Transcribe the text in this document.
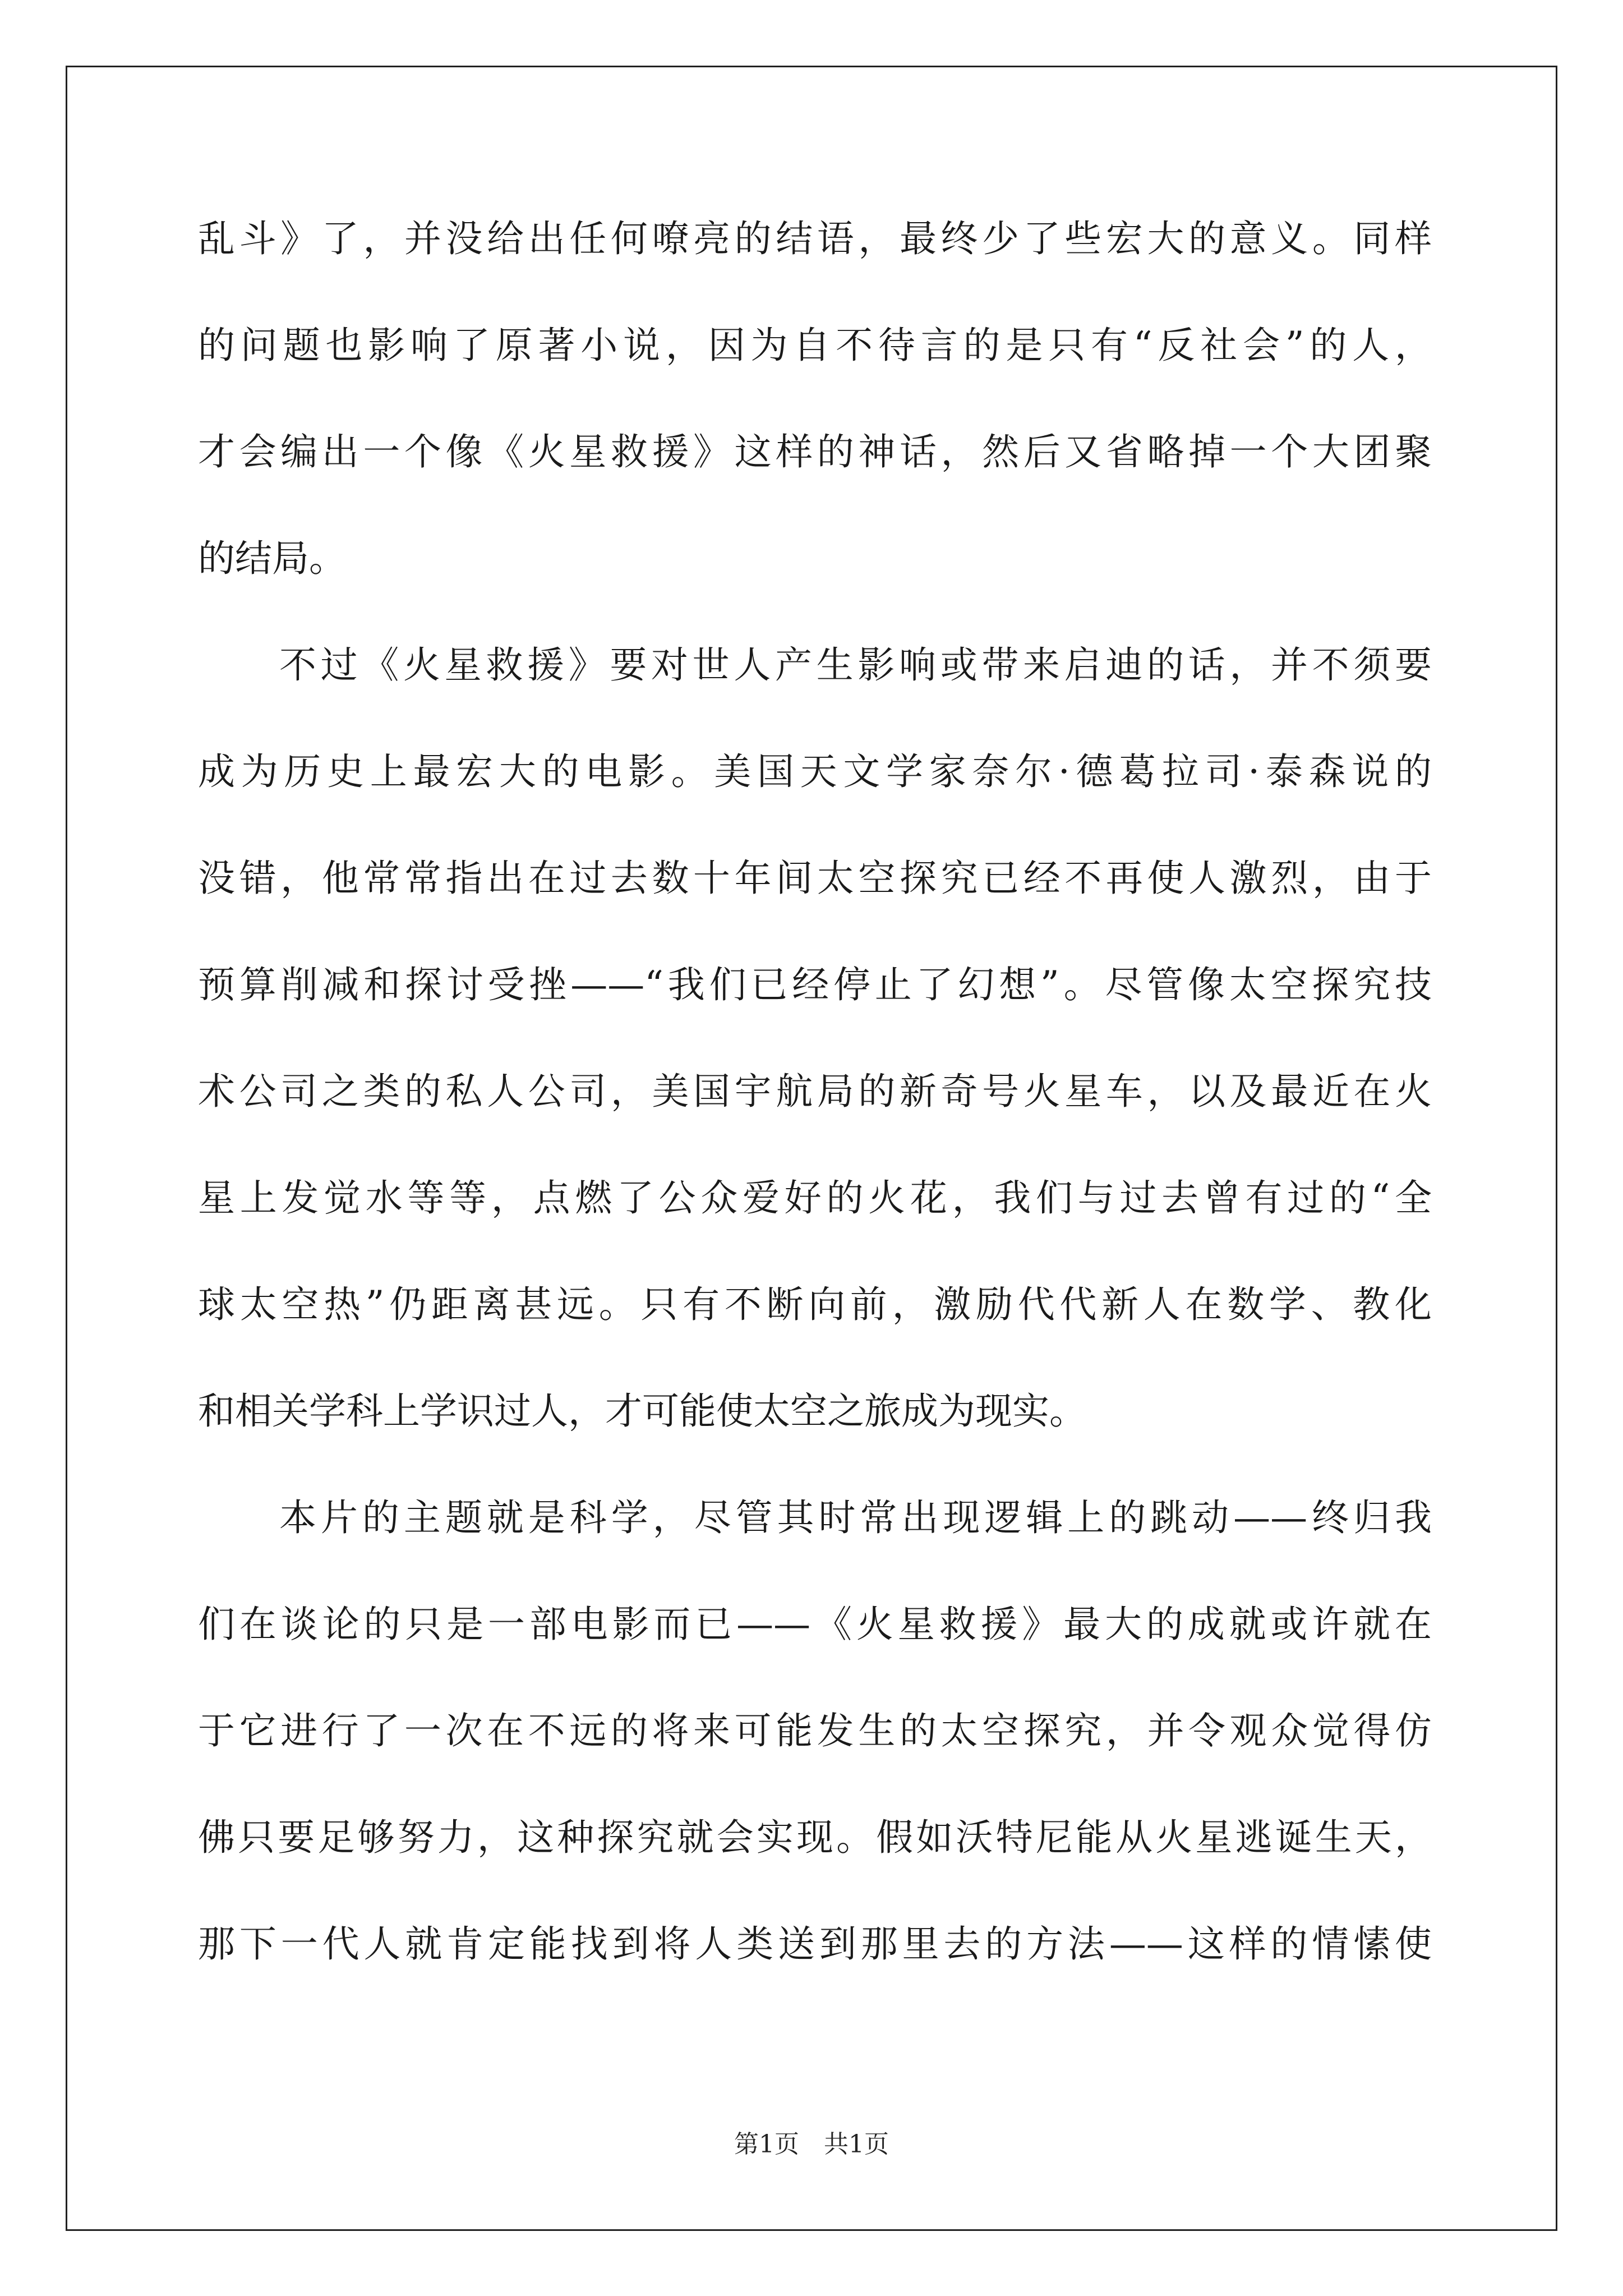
乱斗》了，并没给出任何嘹亮的结语，最终少了些宏大的意义。同样
的问题也影响了原著小说，因为自不待言的是只有“反社会”的人，
才会编出一个像《火星救援》这样的神话，然后又省略掉一个大团聚
的结局。
不过《火星救援》要对世人产生影响或带来启迪的话，并不须要
成为历史上最宏大的电影。美国天文学家奈尔·德葛拉司·泰森说的
没错，他常常指出在过去数十年间太空探究已经不再使人激烈，由于
预算削减和探讨受挫——“我们已经停止了幻想”。尽管像太空探究技
术公司之类的私人公司，美国宇航局的新奇号火星车，以及最近在火
星上发觉水等等，点燃了公众爱好的火花，我们与过去曾有过的“全
球太空热”仍距离甚远。只有不断向前，激励代代新人在数学、教化
和相关学科上学识过人，才可能使太空之旅成为现实。
本片的主题就是科学，尽管其时常出现逻辑上的跳动——终归我
们在谈论的只是一部电影而已——《火星救援》最大的成就或许就在
于它进行了一次在不远的将来可能发生的太空探究，并令观众觉得仿
佛只要足够努力，这种探究就会实现。假如沃特尼能从火星逃诞生天，
那下一代人就肯定能找到将人类送到那里去的方法——这样的情愫使
第1页　共1页
